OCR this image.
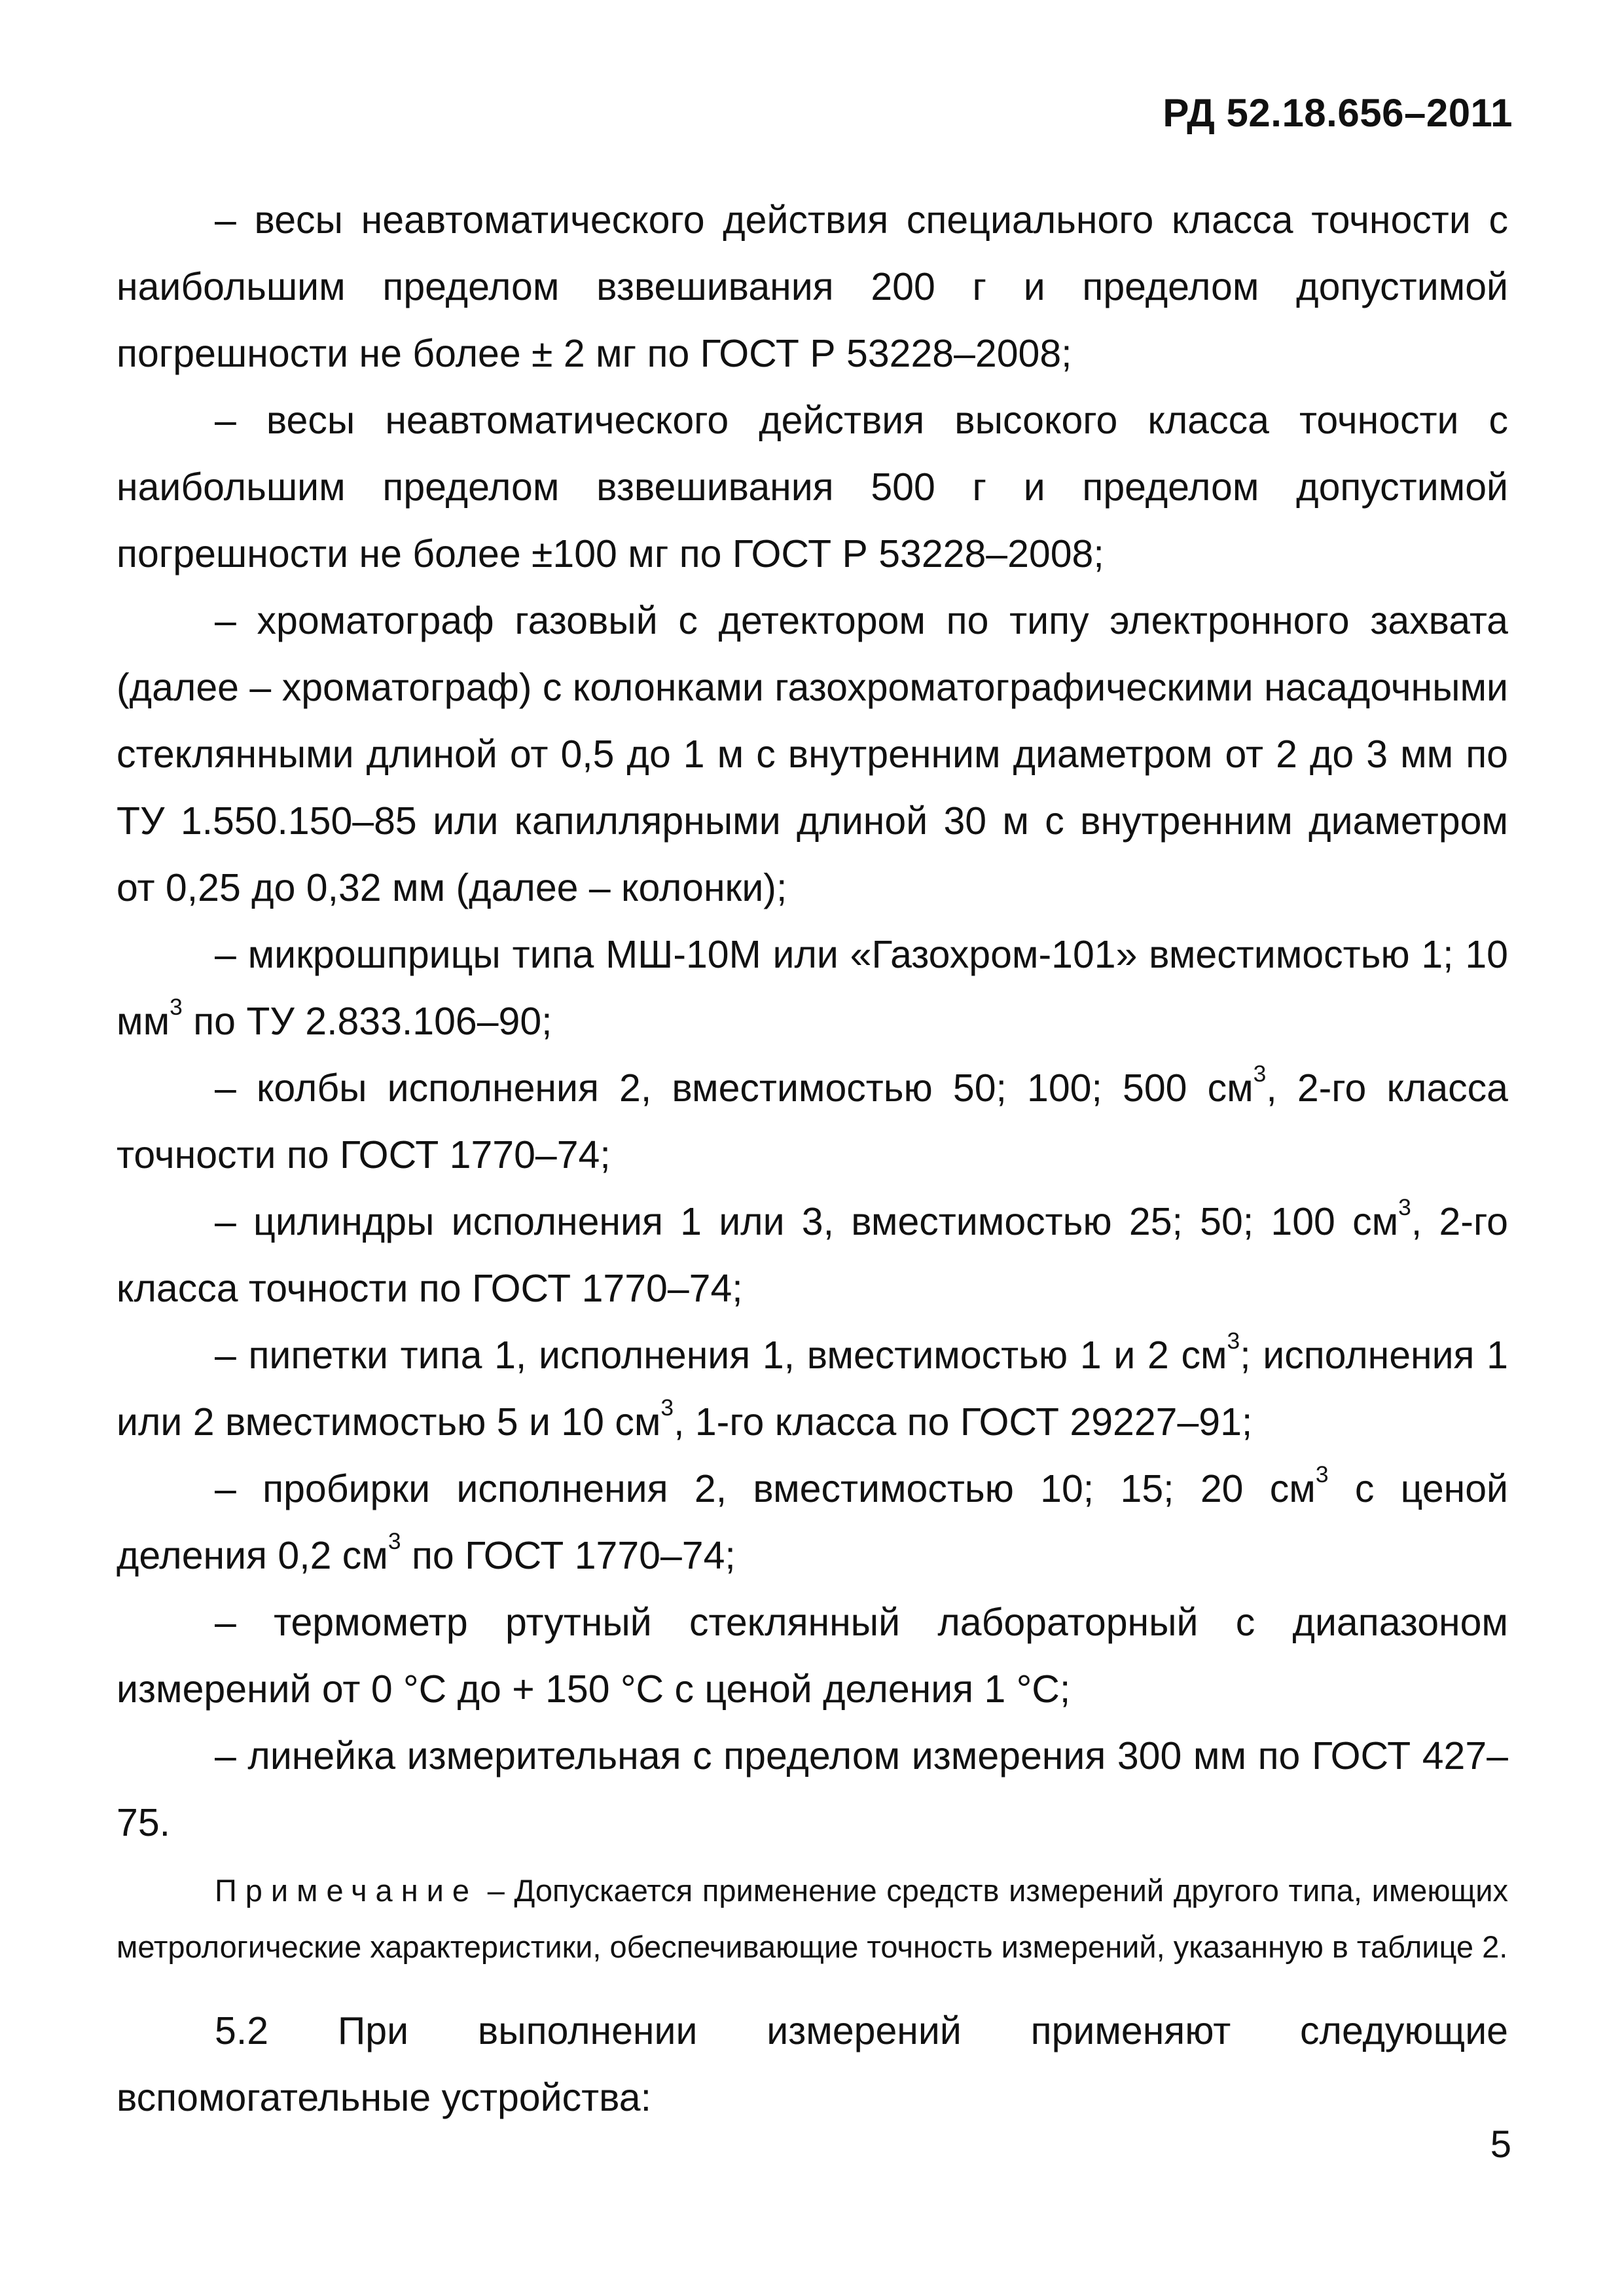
РД 52.18.656–2011

– весы неавтоматического действия специального класса точности с наибольшим пределом взвешивания 200 г и пределом допустимой погрешности не более ± 2 мг по ГОСТ Р 53228–2008;

– весы неавтоматического действия высокого класса точности с наибольшим пределом взвешивания 500 г и пределом допустимой погрешности не более ±100 мг по ГОСТ Р 53228–2008;

– хроматограф газовый с детектором по типу электронного захвата (далее – хроматограф) с колонками газохроматографическими насадочными стеклянными длиной от 0,5 до 1 м с внутренним диаметром от 2 до 3 мм по ТУ 1.550.150–85 или капиллярными длиной 30 м с внутренним диаметром от 0,25 до 0,32 мм (далее – колонки);

– микрошприцы типа МШ-10М или «Газохром-101» вместимостью 1; 10 $мм^3$ по ТУ 2.833.106–90;

– колбы исполнения 2, вместимостью 50; 100; 500 $см^3$, 2-го класса точности по ГОСТ 1770–74;

– цилиндры исполнения 1 или 3, вместимостью 25; 50; 100 $см^3$, 2-го класса точности по ГОСТ 1770–74;

– пипетки типа 1, исполнения 1, вместимостью 1 и 2 $см^3$; исполнения 1 или 2 вместимостью 5 и 10 $см^3$, 1-го класса по ГОСТ 29227–91;

– пробирки исполнения 2, вместимостью 10; 15; 20 $см^3$ с ценой деления 0,2 $см^3$ по ГОСТ 1770–74;

– термометр ртутный стеклянный лабораторный с диапазоном измерений от 0 °С до + 150 °С с ценой деления 1 °С;

– линейка измерительная с пределом измерения 300 мм по ГОСТ 427–75.

Примечание – Допускается применение средств измерений другого типа, имеющих метрологические характеристики, обеспечивающие точность измерений, указанную в таблице 2.

5.2 При выполнении измерений применяют следующие вспомогательные устройства:

5
